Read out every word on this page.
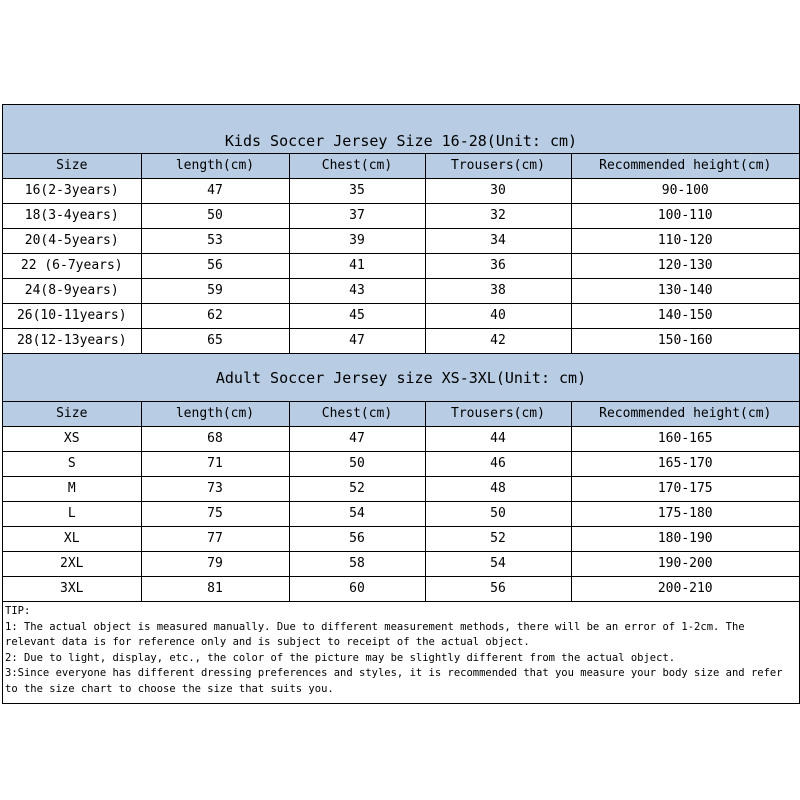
Kids Soccer Jersey Size 16-28(Unit: cm)
Size	length(cm)	Chest(cm)	Trousers(cm)	Recommended height(cm)
16(2-3years)	47	35	30	90-100
18(3-4years)	50	37	32	100-110
20(4-5years)	53	39	34	110-120
22 (6-7years)	56	41	36	120-130
24(8-9years)	59	43	38	130-140
26(10-11years)	62	45	40	140-150
28(12-13years)	65	47	42	150-160
Adult Soccer Jersey size XS-3XL(Unit: cm)
Size	length(cm)	Chest(cm)	Trousers(cm)	Recommended height(cm)
XS	68	47	44	160-165
S	71	50	46	165-170
M	73	52	48	170-175
L	75	54	50	175-180
XL	77	56	52	180-190
2XL	79	58	54	190-200
3XL	81	60	56	200-210
TIP:
1: The actual object is measured manually. Due to different measurement methods, there will be an error of 1-2cm. The relevant data is for reference only and is subject to receipt of the actual object.
2: Due to light, display, etc., the color of the picture may be slightly different from the actual object.
3:Since everyone has different dressing preferences and styles, it is recommended that you measure your body size and refer to the size chart to choose the size that suits you.
